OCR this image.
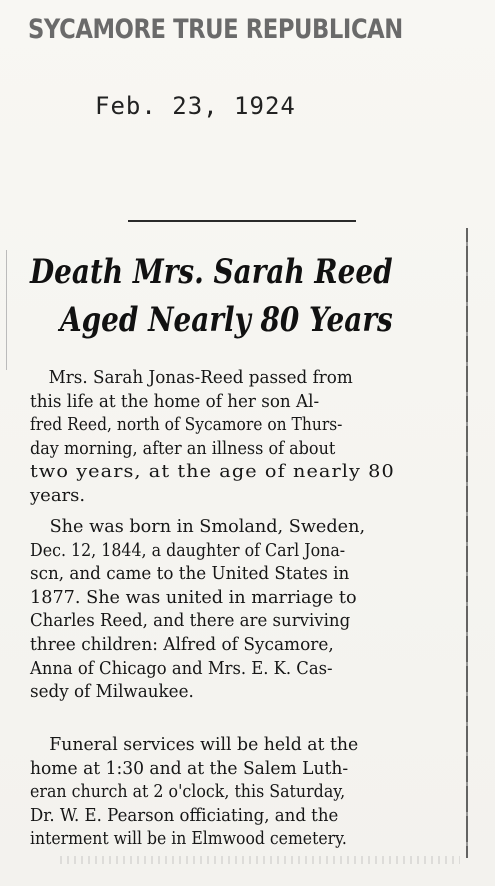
SYCAMORE TRUE REPUBLICAN
Feb. 23, 1924
Death Mrs. Sarah Reed
Aged Nearly 80 Years
Mrs. Sarah Jonas-Reed passed from
this life at the home of her son Al-
fred Reed, north of Sycamore on Thurs-
day morning, after an illness of about
two years, at the age of nearly 80
years.
She was born in Smoland, Sweden,
Dec. 12, 1844, a daughter of Carl Jona-
scn, and came to the United States in
1877. She was united in marriage to
Charles Reed, and there are surviving
three children: Alfred of Sycamore,
Anna of Chicago and Mrs. E. K. Cas-
sedy of Milwaukee.
Funeral services will be held at the
home at 1:30 and at the Salem Luth-
eran church at 2 o'clock, this Saturday,
Dr. W. E. Pearson officiating, and the
interment will be in Elmwood cemetery.
